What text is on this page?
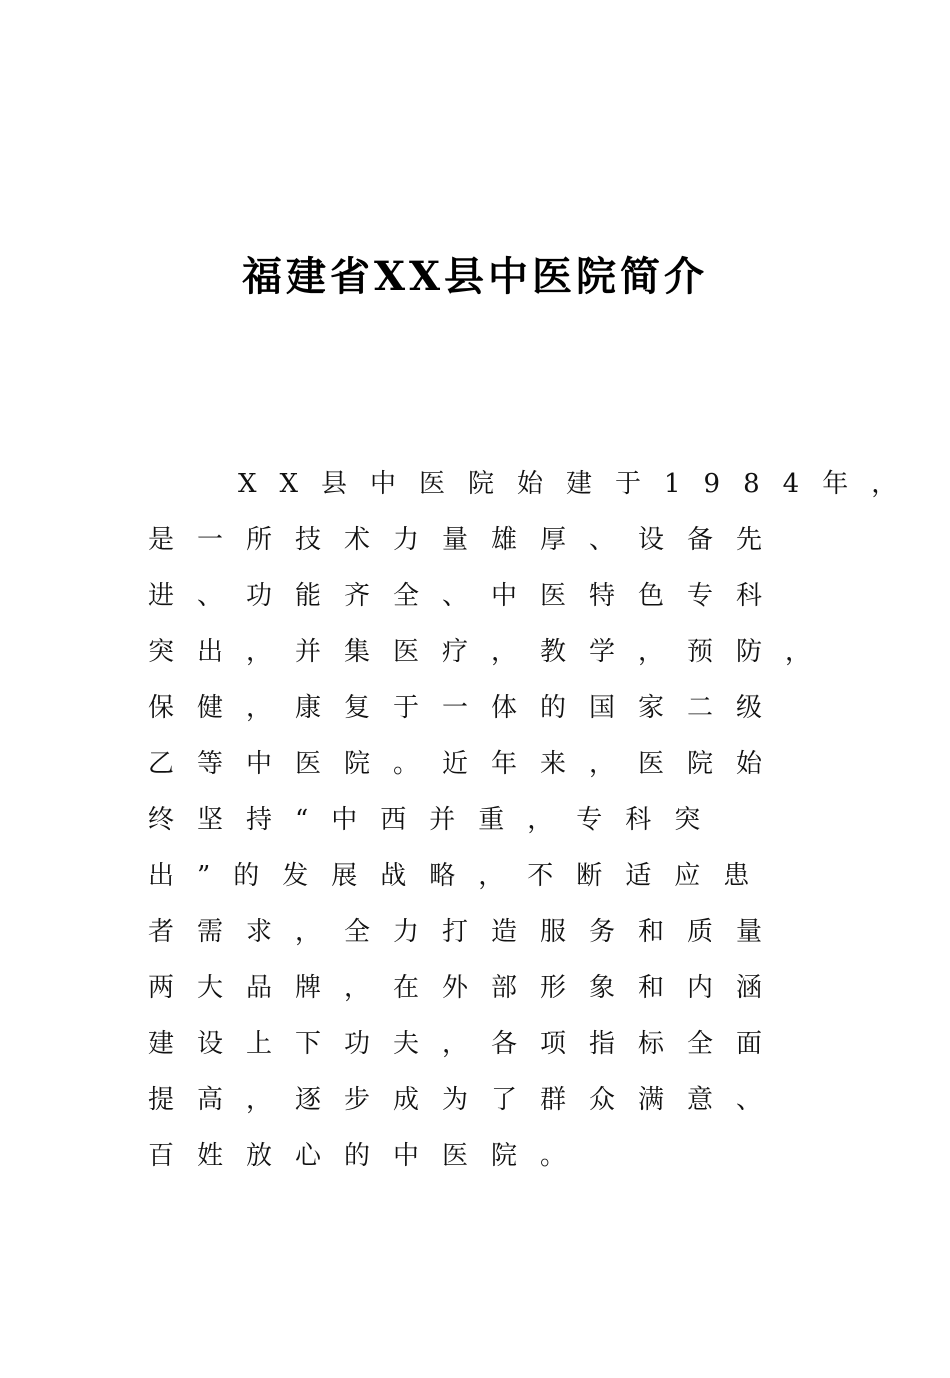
福建省XX县中医院简介
XX县中医院始建于1984年，
是一所技术力量雄厚、设备先
进、功能齐全、中医特色专科
突出，并集医疗，教学，预防，
保健，康复于一体的国家二级
乙等中医院。近年来，医院始
终坚持“中西并重，专科突
出”的发展战略，不断适应患
者需求，全力打造服务和质量
两大品牌，在外部形象和内涵
建设上下功夫，各项指标全面
提高，逐步成为了群众满意、
百姓放心的中医院。
